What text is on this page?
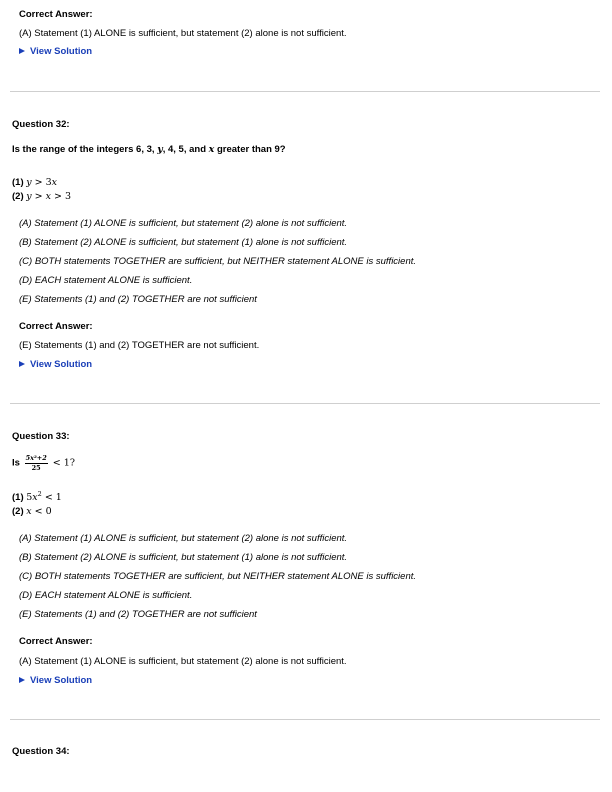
Correct Answer:
(A) Statement (1) ALONE is sufficient, but statement (2) alone is not sufficient.
View Solution
Question 32:
Is the range of the integers 6, 3, y, 4, 5, and x greater than 9?
(1) y > 3x
(2) y > x > 3
(A) Statement (1) ALONE is sufficient, but statement (2) alone is not sufficient.
(B) Statement (2) ALONE is sufficient, but statement (1) alone is not sufficient.
(C) BOTH statements TOGETHER are sufficient, but NEITHER statement ALONE is sufficient.
(D) EACH statement ALONE is sufficient.
(E) Statements (1) and (2) TOGETHER are not sufficient
Correct Answer:
(E) Statements (1) and (2) TOGETHER are not sufficient.
View Solution
Question 33:
Is $\frac{\text{5x²+2}}{25} < 1$?
(1) $5x^2 < 1$
(2) x < 0
(A) Statement (1) ALONE is sufficient, but statement (2) alone is not sufficient.
(B) Statement (2) ALONE is sufficient, but statement (1) alone is not sufficient.
(C) BOTH statements TOGETHER are sufficient, but NEITHER statement ALONE is sufficient.
(D) EACH statement ALONE is sufficient.
(E) Statements (1) and (2) TOGETHER are not sufficient
Correct Answer:
(A) Statement (1) ALONE is sufficient, but statement (2) alone is not sufficient.
View Solution
Question 34:
